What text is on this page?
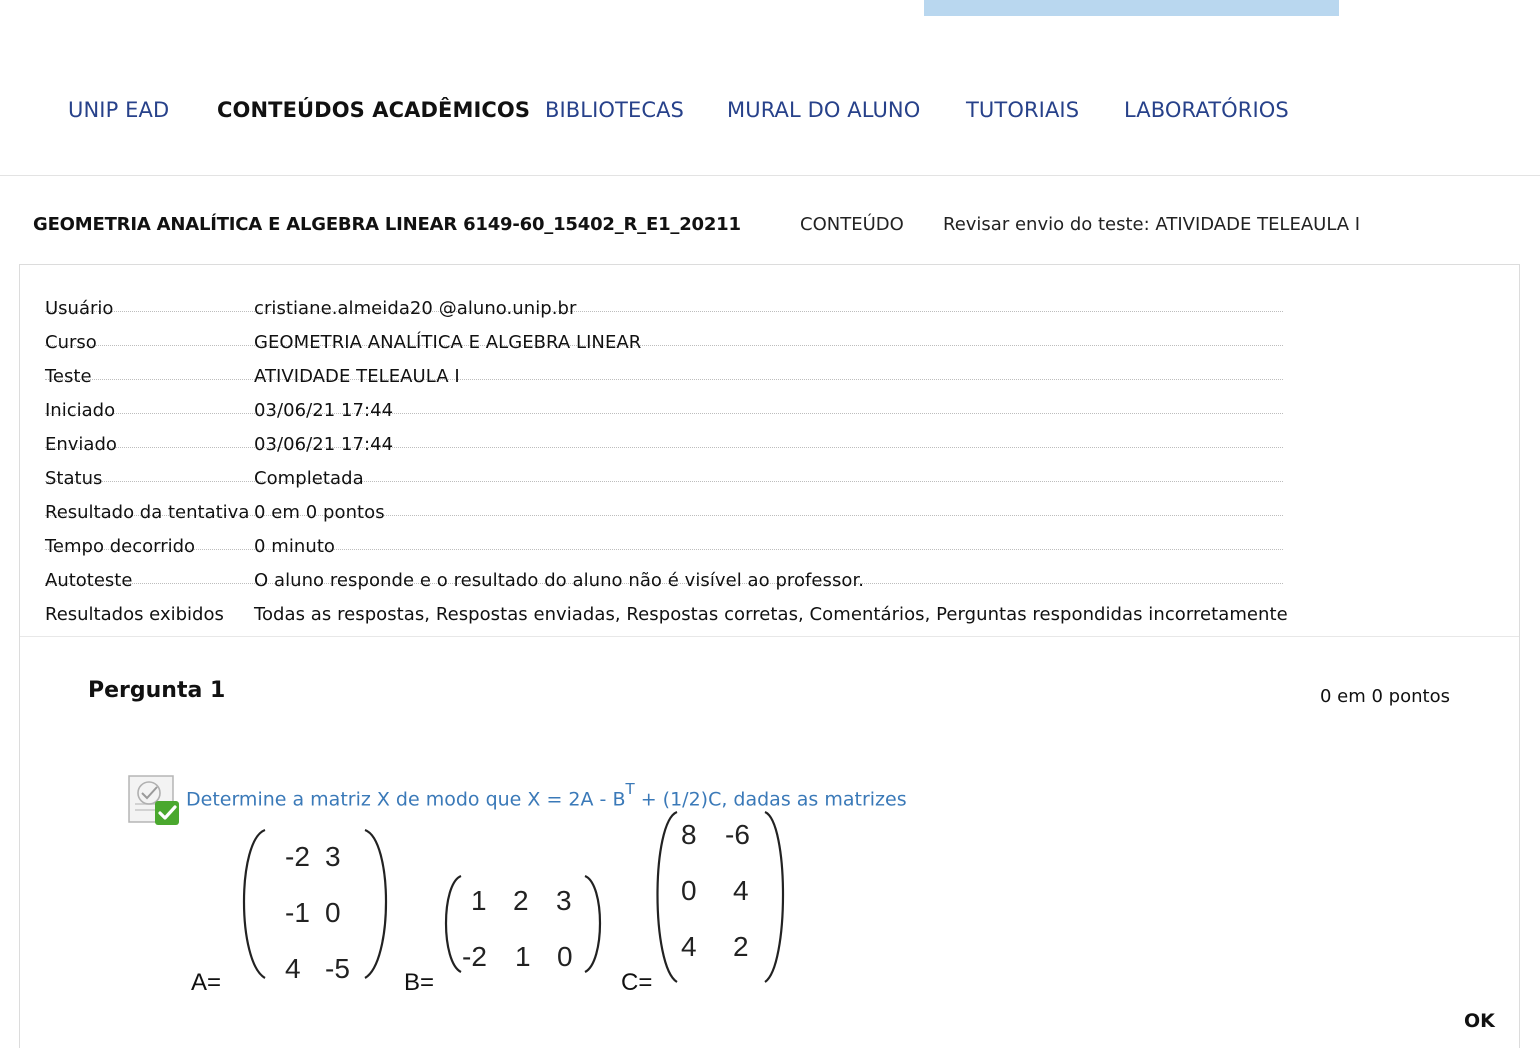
UNIP EAD CONTEÚDOS ACADÊMICOS BIBLIOTECAS MURAL DO ALUNO TUTORIAIS LABORATÓRIOS
GEOMETRIA ANALÍTICA E ALGEBRA LINEAR 6149-60_15402_R_E1_20211	CONTEÚDO Revisar envio do teste: ATIVIDADE TELEAULA I
Usuário	cristiane.almeida20 @aluno.unip.br
Curso	GEOMETRIA ANALÍTICA E ALGEBRA LINEAR
Teste	ATIVIDADE TELEAULA I
Iniciado	03/06/21 17:44
Enviado	03/06/21 17:44
Status	Completada
Resultado da tentativa 0 em 0 pontos
Tempo decorrido	0 minuto
Autoteste	O aluno responde e o resultado do aluno não é visível ao professor.
Resultados exibidos Todas as respostas, Respostas enviadas, Respostas corretas, Comentários, Perguntas respondidas incorretamente
Pergunta 1	0 em 0 pontos
Determine a matriz X de modo que $X = 2A - B^T + (1/2)C$, dadas as matrizes
A=
-2 3
-1 0
4 -5 B=
1 2 3
-2 1 0
C=
8 -6
0 4
4 2
OK
